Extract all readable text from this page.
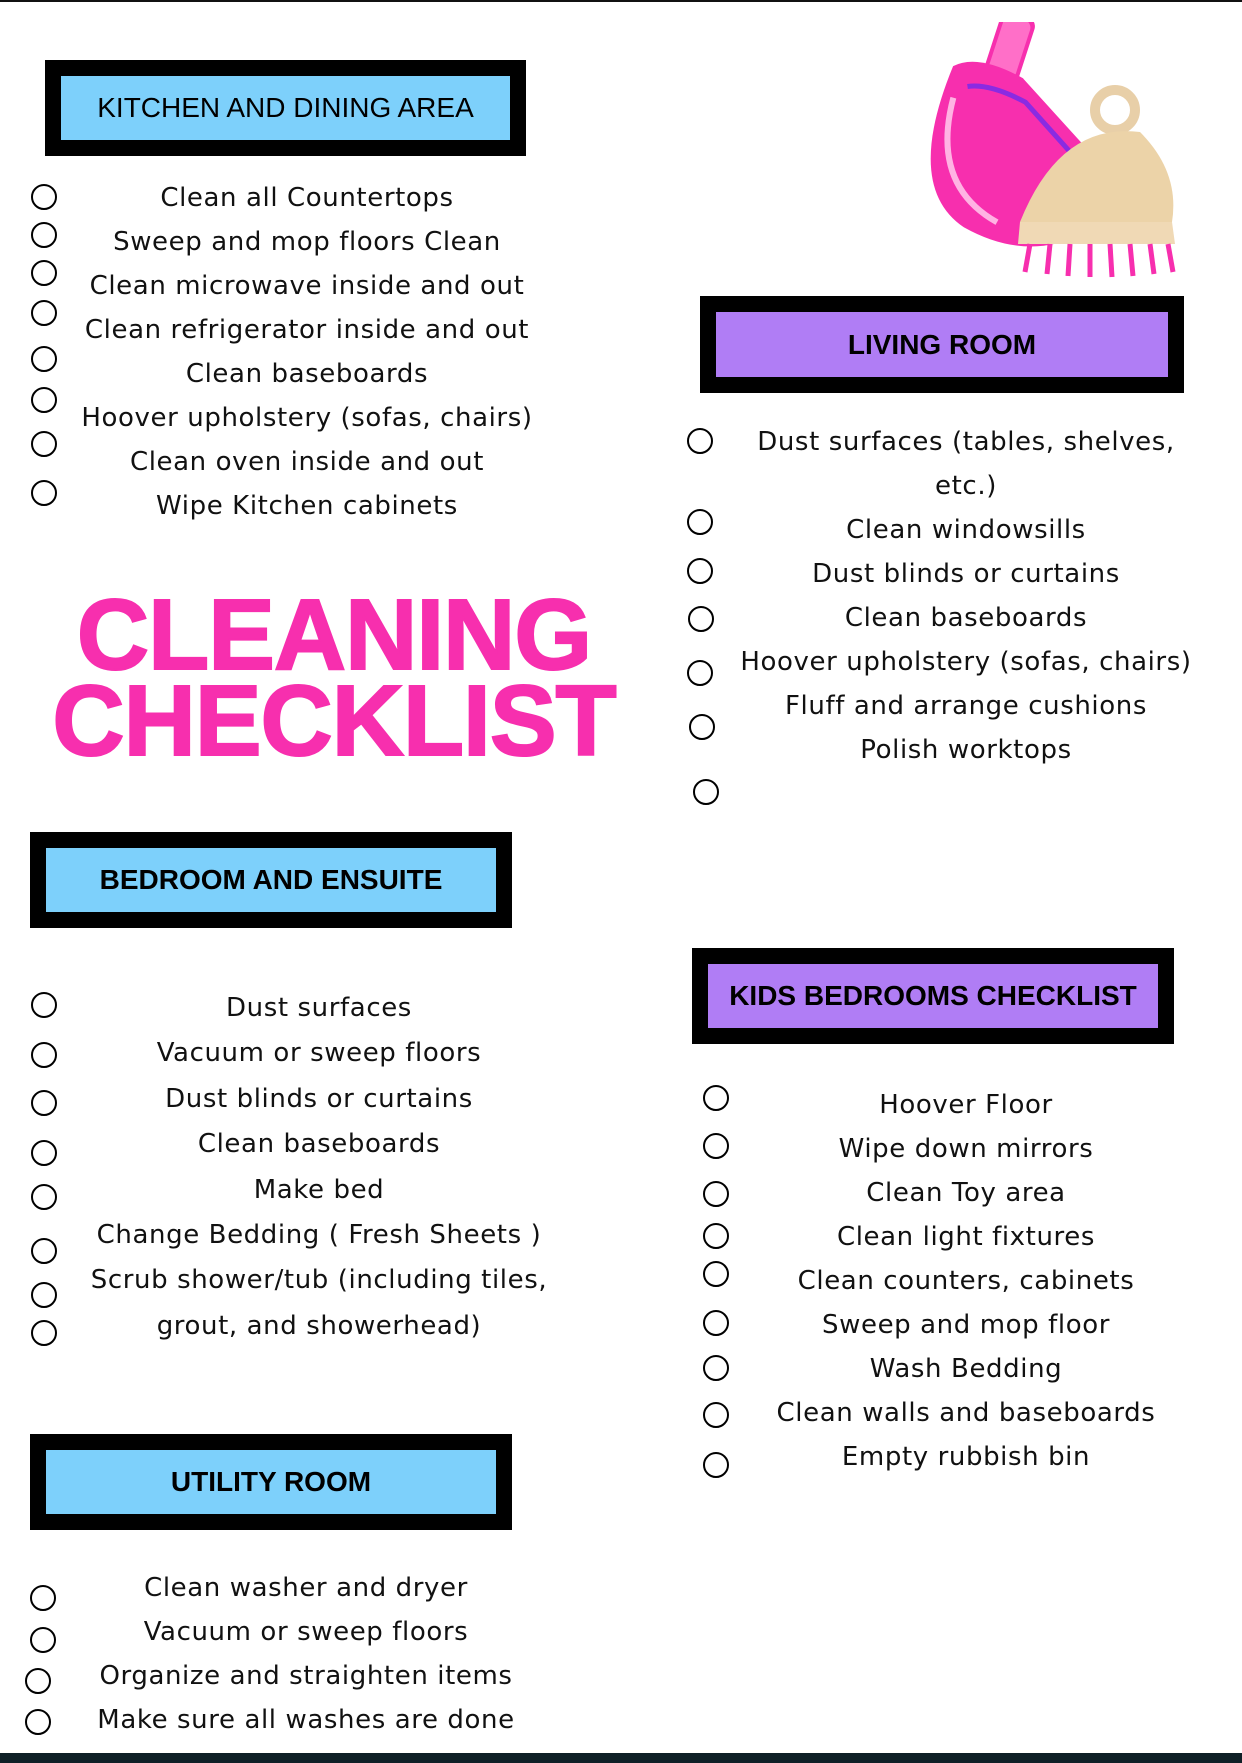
KITCHEN AND DINING AREA
Clean all Countertops
Sweep and mop floors Clean
Clean microwave inside and out
Clean refrigerator inside and out
Clean baseboards
Hoover upholstery (sofas, chairs)
Clean oven inside and out
Wipe Kitchen cabinets
CLEANING
CHECKLIST
LIVING ROOM
Dust surfaces (tables, shelves,
etc.)
Clean windowsills
Dust blinds or curtains
Clean baseboards
Hoover upholstery (sofas, chairs)
Fluff and arrange cushions
Polish worktops
BEDROOM AND ENSUITE
Dust surfaces
Vacuum or sweep floors
Dust blinds or curtains
Clean baseboards
Make bed
Change Bedding ( Fresh Sheets )
Scrub shower/tub (including tiles,
grout, and showerhead)
KIDS BEDROOMS CHECKLIST
Hoover Floor
Wipe down mirrors
Clean Toy area
Clean light fixtures
Clean counters, cabinets
Sweep and mop floor
Wash Bedding
Clean walls and baseboards
Empty rubbish bin
UTILITY ROOM
Clean washer and dryer
Vacuum or sweep floors
Organize and straighten items
Make sure all washes are done
